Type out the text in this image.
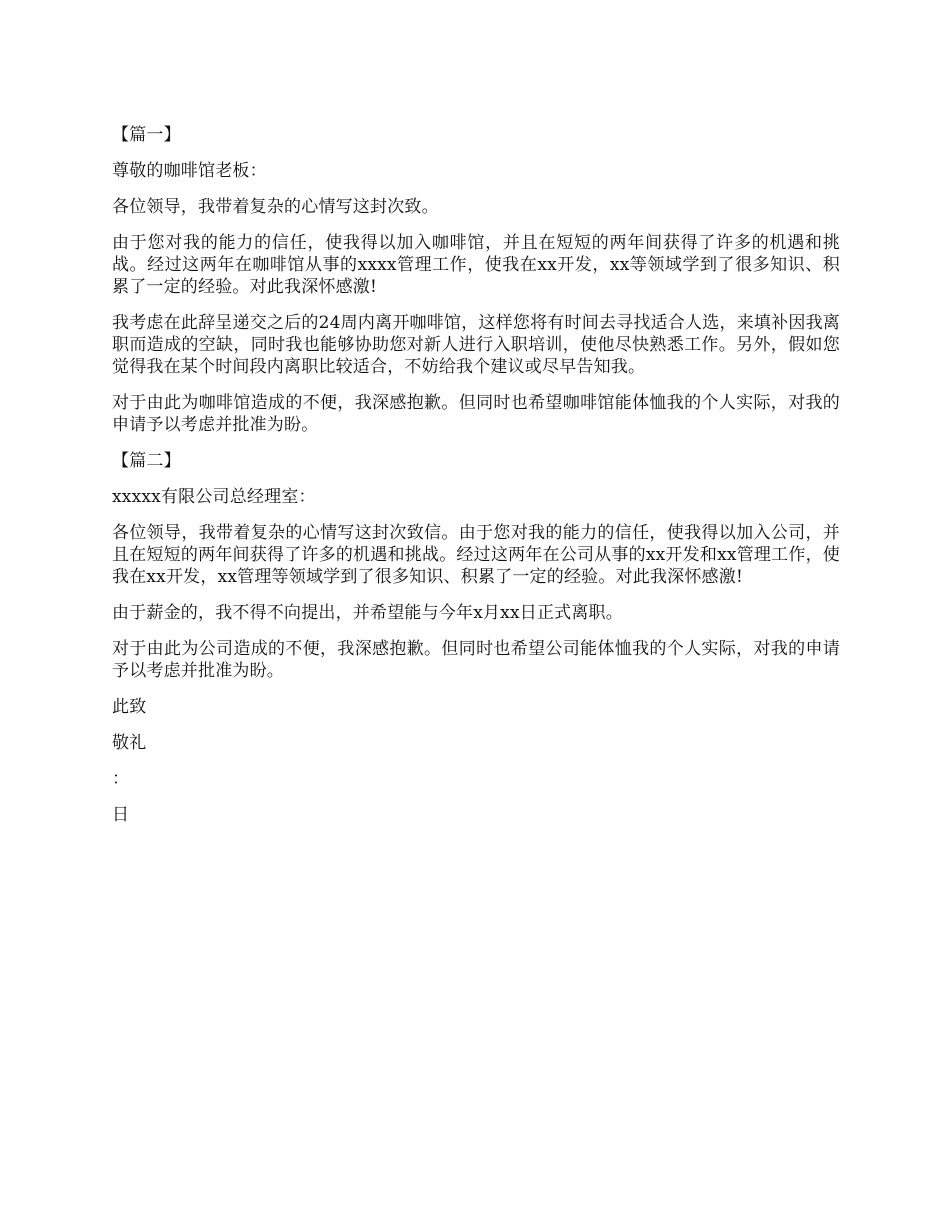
【篇一】

尊敬的咖啡馆老板：

各位领导，我带着复杂的心情写这封次致。

由于您对我的能力的信任，使我得以加入咖啡馆，并且在短短的两年间获得了许多的机遇和挑战。经过这两年在咖啡馆从事的xxxx管理工作，使我在xx开发，xx等领域学到了很多知识、积累了一定的经验。对此我深怀感激!

我考虑在此辞呈递交之后的24周内离开咖啡馆，这样您将有时间去寻找适合人选，来填补因我离职而造成的空缺，同时我也能够协助您对新人进行入职培训，使他尽快熟悉工作。另外，假如您觉得我在某个时间段内离职比较适合，不妨给我个建议或尽早告知我。

对于由此为咖啡馆造成的不便，我深感抱歉。但同时也希望咖啡馆能体恤我的个人实际，对我的申请予以考虑并批准为盼。

【篇二】

xxxxx有限公司总经理室：

各位领导，我带着复杂的心情写这封次致信。由于您对我的能力的信任，使我得以加入公司，并且在短短的两年间获得了许多的机遇和挑战。经过这两年在公司从事的xx开发和xx管理工作，使我在xx开发，xx管理等领域学到了很多知识、积累了一定的经验。对此我深怀感激!

由于薪金的，我不得不向提出，并希望能与今年x月xx日正式离职。

对于由此为公司造成的不便，我深感抱歉。但同时也希望公司能体恤我的个人实际，对我的申请予以考虑并批准为盼。

此致

敬礼

：

日
